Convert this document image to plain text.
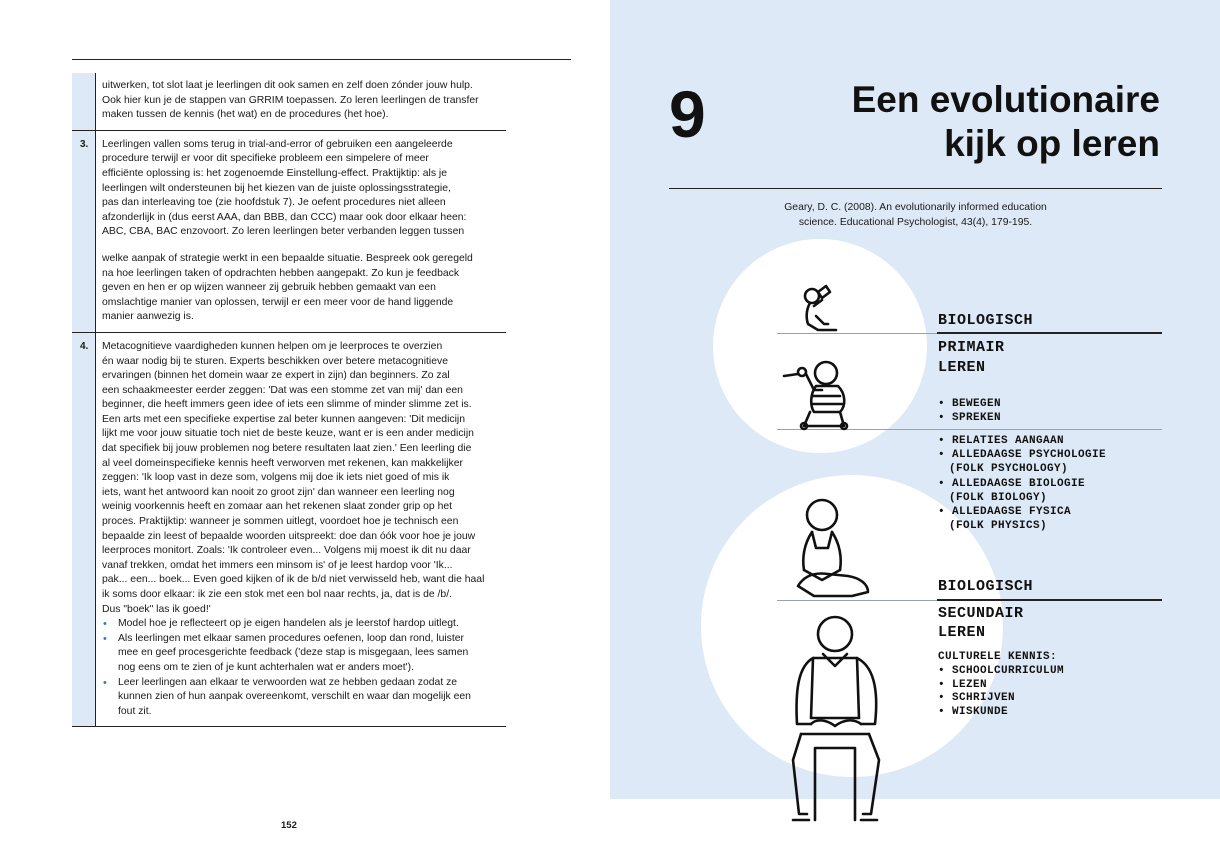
uitwerken, tot slot laat je leerlingen dit ook samen en zelf doen zónder jouw hulp.

Ook hier kun je de stappen van GRRIM toepassen. Zo leren leerlingen de transfer

maken tussen de kennis (het wat) en de procedures (het hoe).

3.	Leerlingen vallen soms terug in trial-and-error of gebruiken een aangeleerde

procedure terwijl er voor dit specifieke probleem een simpelere of meer

efficiënte oplossing is: het zogenoemde Einstellung-effect. Praktijktip: als je

leerlingen wilt ondersteunen bij het kiezen van de juiste oplossingsstrategie,

pas dan interleaving toe (zie hoofdstuk 7). Je oefent procedures niet alleen

afzonderlijk in (dus eerst AAA, dan BBB, dan CCC) maar ook door elkaar heen:

ABC, CBA, BAC enzovoort. Zo leren leerlingen beter verbanden leggen tussen

welke aanpak of strategie werkt in een bepaalde situatie. Bespreek ook geregeld

na hoe leerlingen taken of opdrachten hebben aangepakt. Zo kun je feedback

geven en hen er op wijzen wanneer zij gebruik hebben gemaakt van een

omslachtige manier van oplossen, terwijl er een meer voor de hand liggende

manier aanwezig is.

4.	Metacognitieve vaardigheden kunnen helpen om je leerproces te overzien

én waar nodig bij te sturen. Experts beschikken over betere metacognitieve

ervaringen (binnen het domein waar ze expert in zijn) dan beginners. Zo zal

een schaakmeester eerder zeggen: 'Dat was een stomme zet van mij' dan een

beginner, die heeft immers geen idee of iets een slimme of minder slimme zet is.

Een arts met een specifieke expertise zal beter kunnen aangeven: 'Dit medicijn

lijkt me voor jouw situatie toch niet de beste keuze, want er is een ander medicijn

dat specifiek bij jouw problemen nog betere resultaten laat zien.' Een leerling die

al veel domeinspecifieke kennis heeft verworven met rekenen, kan makkelijker

zeggen: 'Ik loop vast in deze som, volgens mij doe ik iets niet goed of mis ik

iets, want het antwoord kan nooit zo groot zijn' dan wanneer een leerling nog

weinig voorkennis heeft en zomaar aan het rekenen slaat zonder grip op het

proces. Praktijktip: wanneer je sommen uitlegt, voordoet hoe je technisch een

bepaalde zin leest of bepaalde woorden uitspreekt: doe dan óók voor hoe je jouw

leerproces monitort. Zoals: 'Ik controleer even... Volgens mij moest ik dit nu daar

vanaf trekken, omdat het immers een minsom is' of je leest hardop voor 'Ik...

pak... een... boek... Even goed kijken of ik de b/d niet verwisseld heb, want die haal

ik soms door elkaar: ik zie een stok met een bol naar rechts, ja, dat is de /b/.

Dus "boek" las ik goed!'

• Model hoe je reflecteert op je eigen handelen als je leerstof hardop uitlegt.

• Als leerlingen met elkaar samen procedures oefenen, loop dan rond, luister

mee en geef procesgerichte feedback ('deze stap is misgegaan, lees samen

nog eens om te zien of je kunt achterhalen wat er anders moet').

• Leer leerlingen aan elkaar te verwoorden wat ze hebben gedaan zodat ze

kunnen zien of hun aanpak overeenkomt, verschilt en waar dan mogelijk een

fout zit.

152
9	Een evolutionaire
kijk op leren
Geary, D. C. (2008). An evolutionarily informed education
science. Educational Psychologist, 43(4), 179-195.
BIOLOGISCH
PRIMAIR
LEREN
• BEWEGEN
• SPREKEN
• RELATIES AANGAAN
• ALLEDAAGSE PSYCHOLOGIE
(FOLK PSYCHOLOGY)
• ALLEDAAGSE BIOLOGIE
(FOLK BIOLOGY)
• ALLEDAAGSE FYSICA
(FOLK PHYSICS)
BIOLOGISCH
SECUNDAIR
LEREN
CULTURELE KENNIS:
• SCHOOLCURRICULUM
• LEZEN
• SCHRIJVEN
• WISKUNDE
